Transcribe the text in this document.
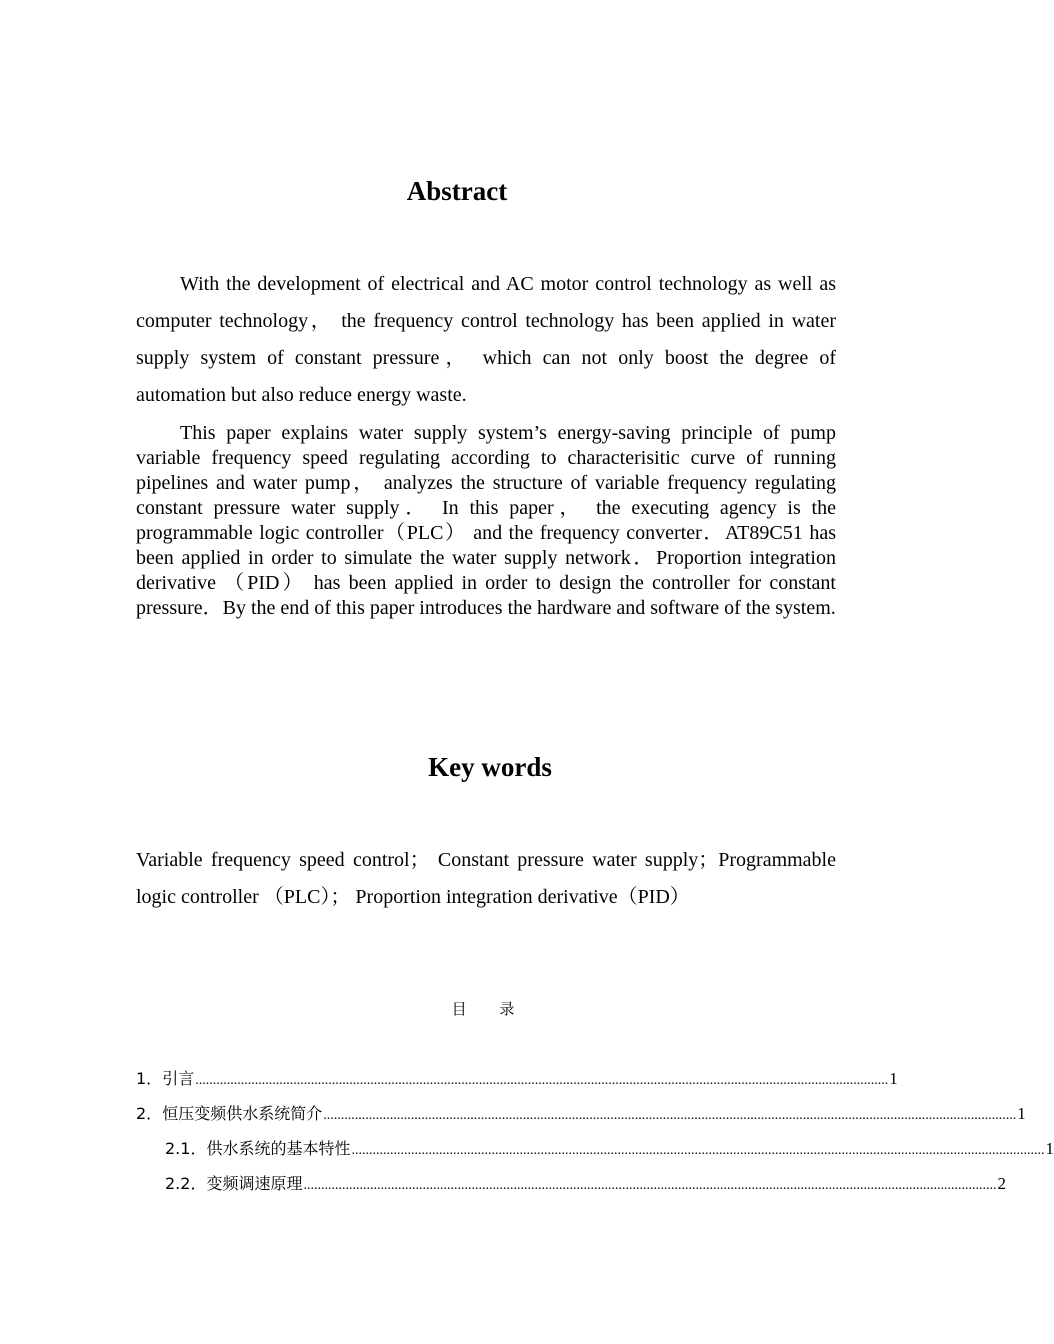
Abstract

With the development of electrical and AC motor control technology as well as computer technology， the frequency control technology has been applied in water supply system of constant pressure， which can not only boost the degree of automation but also reduce energy waste.

This paper explains water supply system’s energy-saving principle of pump variable frequency speed regulating according to characterisitic curve of running pipelines and water pump， analyzes the structure of variable frequency regulating constant pressure water supply． In this paper， the executing agency is the programmable logic controller（PLC） and the frequency converter．AT89C51 has been applied in order to simulate the water supply network．Proportion integration derivative （PID） has been applied in order to design the controller for constant pressure．By the end of this paper introduces the hardware and software of the system.

Key words

Variable frequency speed control； Constant pressure water supply；Programmable logic controller （PLC）； Proportion integration derivative（PID）

目 录
1． 引言 ...................................................................................................................................................................................................... 1
2． 恒压变频供水系统简介 ...................................................................................................................................................................................................... 1
2.1． 供水系统的基本特性 ...................................................................................................................................................................................................... 1
2.2． 变频调速原理 ...................................................................................................................................................................................................... 2
